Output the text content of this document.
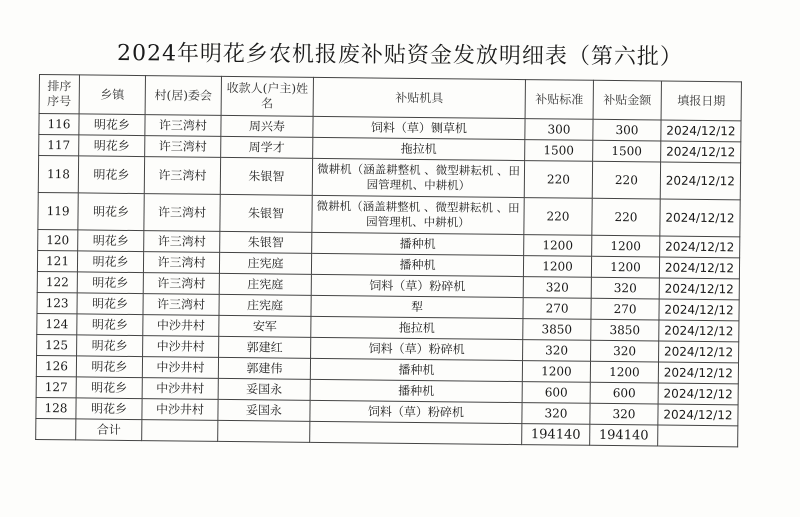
2024年明花乡农机报废补贴资金发放明细表（第六批）
排序序号	乡镇	村(居)委会	收款人(户主)姓名	补贴机具	补贴标准	补贴金额	填报日期
116	明花乡	许三湾村	周兴寿	饲料（草）铡草机	300	300	2024/12/12
117	明花乡	许三湾村	周学才	拖拉机	1500	1500	2024/12/12
118	明花乡	许三湾村	朱银智	微耕机（涵盖耕整机 、微型耕耘机 、田园管理机、中耕机）	220	220	2024/12/12
119	明花乡	许三湾村	朱银智	微耕机（涵盖耕整机 、微型耕耘机 、田园管理机、中耕机）	220	220	2024/12/12
120	明花乡	许三湾村	朱银智	播种机	1200	1200	2024/12/12
121	明花乡	许三湾村	庄宪庭	播种机	1200	1200	2024/12/12
122	明花乡	许三湾村	庄宪庭	饲料（草）粉碎机	320	320	2024/12/12
123	明花乡	许三湾村	庄宪庭	犁	270	270	2024/12/12
124	明花乡	中沙井村	安军	拖拉机	3850	3850	2024/12/12
125	明花乡	中沙井村	郭建红	饲料（草）粉碎机	320	320	2024/12/12
126	明花乡	中沙井村	郭建伟	播种机	1200	1200	2024/12/12
127	明花乡	中沙井村	妥国永	播种机	600	600	2024/12/12
128	明花乡	中沙井村	妥国永	饲料（草）粉碎机	320	320	2024/12/12
	合计				194140	194140	
